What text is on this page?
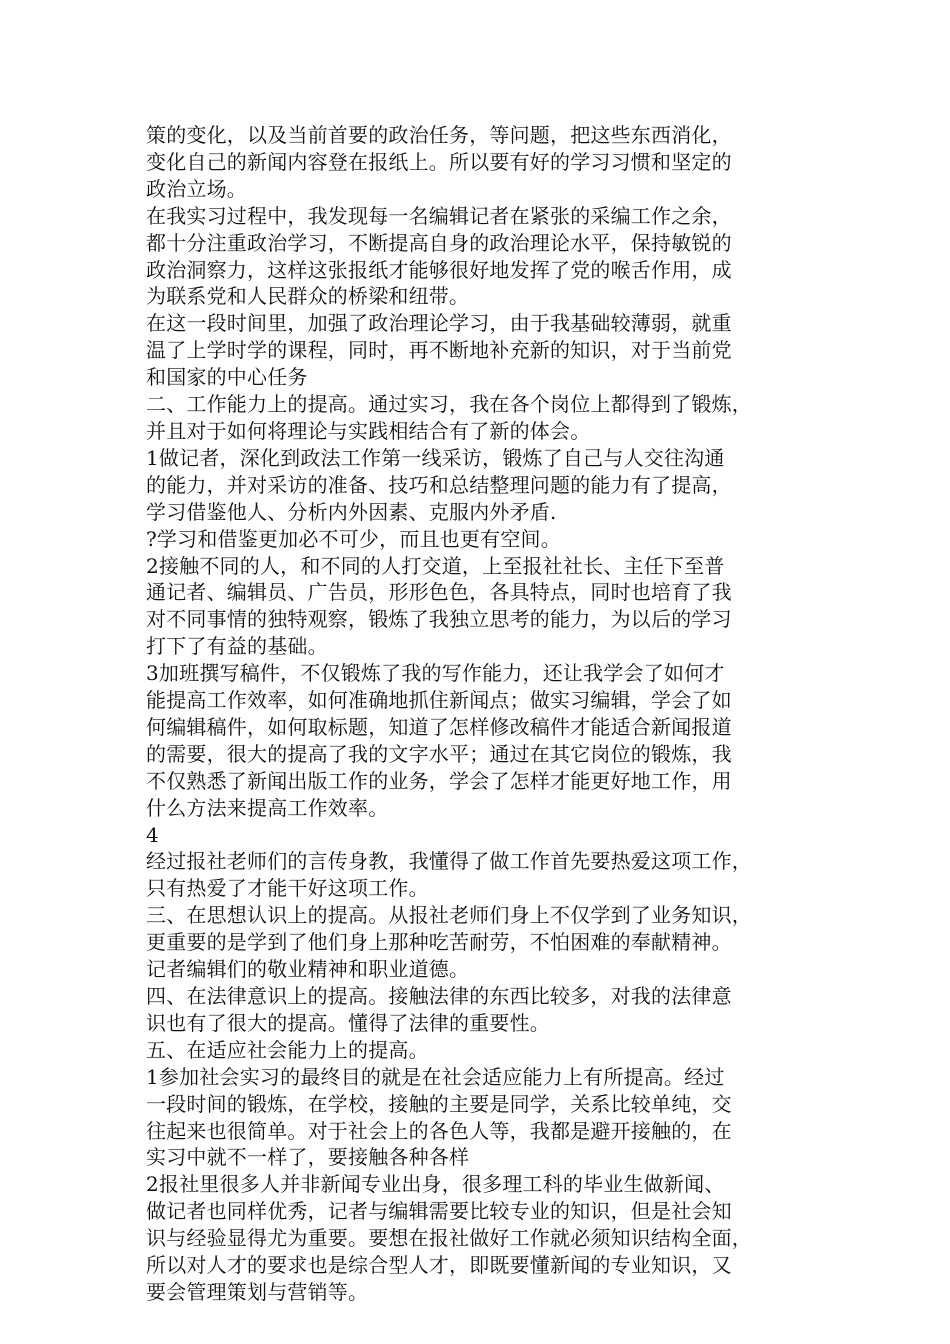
策的变化，以及当前首要的政治任务，等问题，把这些东西消化，
变化自己的新闻内容登在报纸上。所以要有好的学习习惯和坚定的
政治立场。

在我实习过程中，我发现每一名编辑记者在紧张的采编工作之余，
都十分注重政治学习，不断提高自身的政治理论水平，保持敏锐的
政治洞察力，这样这张报纸才能够很好地发挥了党的喉舌作用，成
为联系党和人民群众的桥梁和纽带。

在这一段时间里，加强了政治理论学习，由于我基础较薄弱，就重
温了上学时学的课程，同时，再不断地补充新的知识，对于当前党
和国家的中心任务

二、工作能力上的提高。通过实习，我在各个岗位上都得到了锻炼，
并且对于如何将理论与实践相结合有了新的体会。

1做记者，深化到政法工作第一线采访，锻炼了自己与人交往沟通
的能力，并对采访的准备、技巧和总结整理问题的能力有了提高，
学习借鉴他人、分析内外因素、克服内外矛盾.

?学习和借鉴更加必不可少，而且也更有空间。

2接触不同的人，和不同的人打交道，上至报社社长、主任下至普
通记者、编辑员、广告员，形形色色，各具特点，同时也培育了我
对不同事情的独特观察，锻炼了我独立思考的能力，为以后的学习
打下了有益的基础。

3加班撰写稿件，不仅锻炼了我的写作能力，还让我学会了如何才
能提高工作效率，如何准确地抓住新闻点；做实习编辑，学会了如
何编辑稿件，如何取标题，知道了怎样修改稿件才能适合新闻报道
的需要，很大的提高了我的文字水平；通过在其它岗位的锻炼，我
不仅熟悉了新闻出版工作的业务，学会了怎样才能更好地工作，用
什么方法来提高工作效率。

4

经过报社老师们的言传身教，我懂得了做工作首先要热爱这项工作，
只有热爱了才能干好这项工作。

三、在思想认识上的提高。从报社老师们身上不仅学到了业务知识，
更重要的是学到了他们身上那种吃苦耐劳，不怕困难的奉献精神。
记者编辑们的敬业精神和职业道德。

四、在法律意识上的提高。接触法律的东西比较多，对我的法律意
识也有了很大的提高。懂得了法律的重要性。

五、在适应社会能力上的提高。

1参加社会实习的最终目的就是在社会适应能力上有所提高。经过
一段时间的锻炼，在学校，接触的主要是同学，关系比较单纯，交
往起来也很简单。对于社会上的各色人等，我都是避开接触的，在
实习中就不一样了，要接触各种各样

2报社里很多人并非新闻专业出身，很多理工科的毕业生做新闻、
做记者也同样优秀，记者与编辑需要比较专业的知识，但是社会知
识与经验显得尤为重要。要想在报社做好工作就必须知识结构全面，
所以对人才的要求也是综合型人才，即既要懂新闻的专业知识，又
要会管理策划与营销等。
